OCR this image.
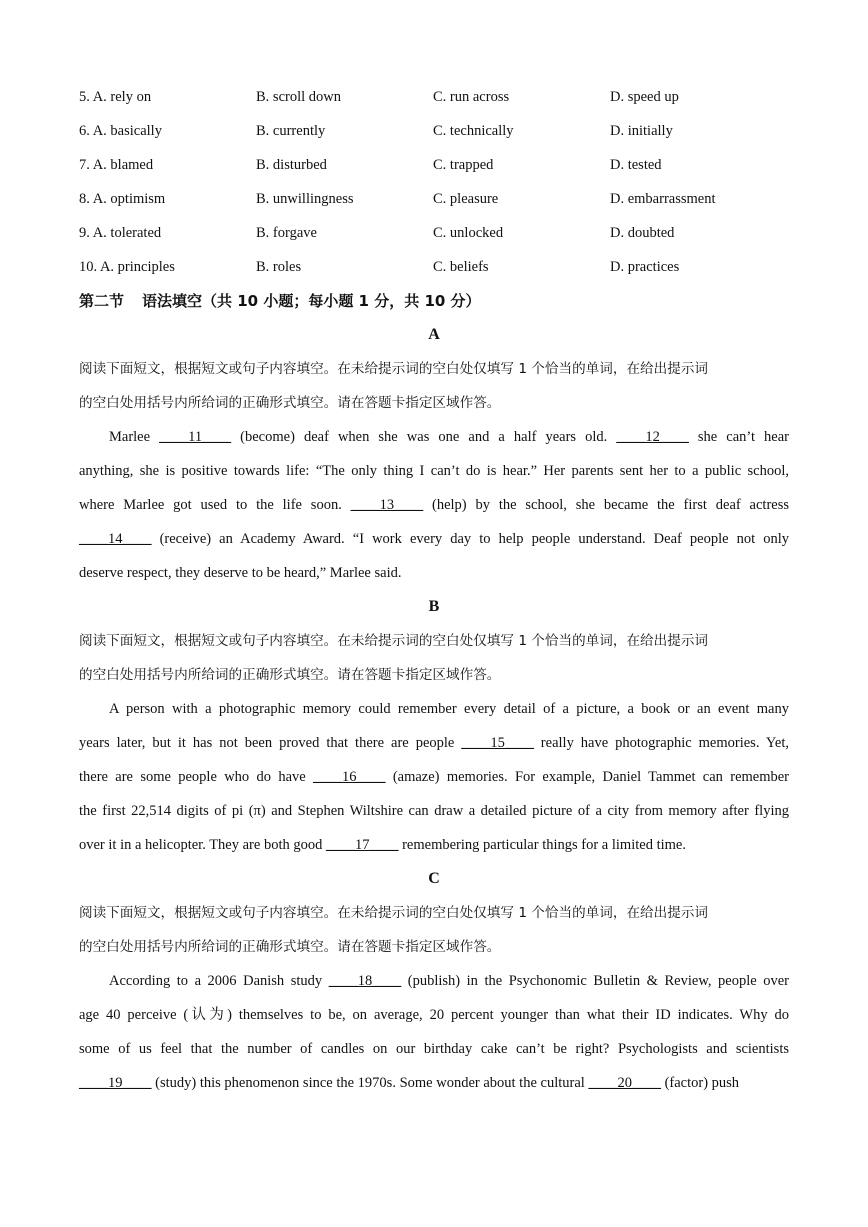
5. A. rely on	B. scroll down	C. run across	D. speed up
6. A. basically	B. currently	C. technically	D. initially
7. A. blamed	B. disturbed	C. trapped	D. tested
8. A. optimism	B. unwillingness	C. pleasure	D. embarrassment
9. A. tolerated	B. forgave	C. unlocked	D. doubted
10. A. principles	B. roles	C. beliefs	D. practices
第二节 语法填空（共 10 小题；每小题 1 分，共 10 分）
A
阅读下面短文，根据短文或句子内容填空。在未给提示词的空白处仅填写 1 个恰当的单词，在给出提示词
的空白处用括号内所给词的正确形式填空。请在答题卡指定区域作答。
Marlee ____11____ (become) deaf when she was one and a half years old. ____12____ she can’t hear
anything, she is positive towards life: “The only thing I can’t do is hear.” Her parents sent her to a public school,
where Marlee got used to the life soon. ____13____ (help) by the school, she became the first deaf actress
____14____ (receive) an Academy Award. “I work every day to help people understand. Deaf people not only
deserve respect, they deserve to be heard,” Marlee said.
B
阅读下面短文，根据短文或句子内容填空。在未给提示词的空白处仅填写 1 个恰当的单词，在给出提示词
的空白处用括号内所给词的正确形式填空。请在答题卡指定区域作答。
A person with a photographic memory could remember every detail of a picture, a book or an event many
years later, but it has not been proved that there are people ____15____ really have photographic memories. Yet,
there are some people who do have ____16____ (amaze) memories. For example, Daniel Tammet can remember
the first 22,514 digits of pi (π) and Stephen Wiltshire can draw a detailed picture of a city from memory after flying
over it in a helicopter. They are both good ____17____ remembering particular things for a limited time.
C
阅读下面短文，根据短文或句子内容填空。在未给提示词的空白处仅填写 1 个恰当的单词，在给出提示词
的空白处用括号内所给词的正确形式填空。请在答题卡指定区域作答。
According to a 2006 Danish study ____18____ (publish) in the Psychonomic Bulletin & Review, people over
age 40 perceive (认为) themselves to be, on average, 20 percent younger than what their ID indicates. Why do
some of us feel that the number of candles on our birthday cake can’t be right? Psychologists and scientists
____19____ (study) this phenomenon since the 1970s. Some wonder about the cultural ____20____ (factor) push
